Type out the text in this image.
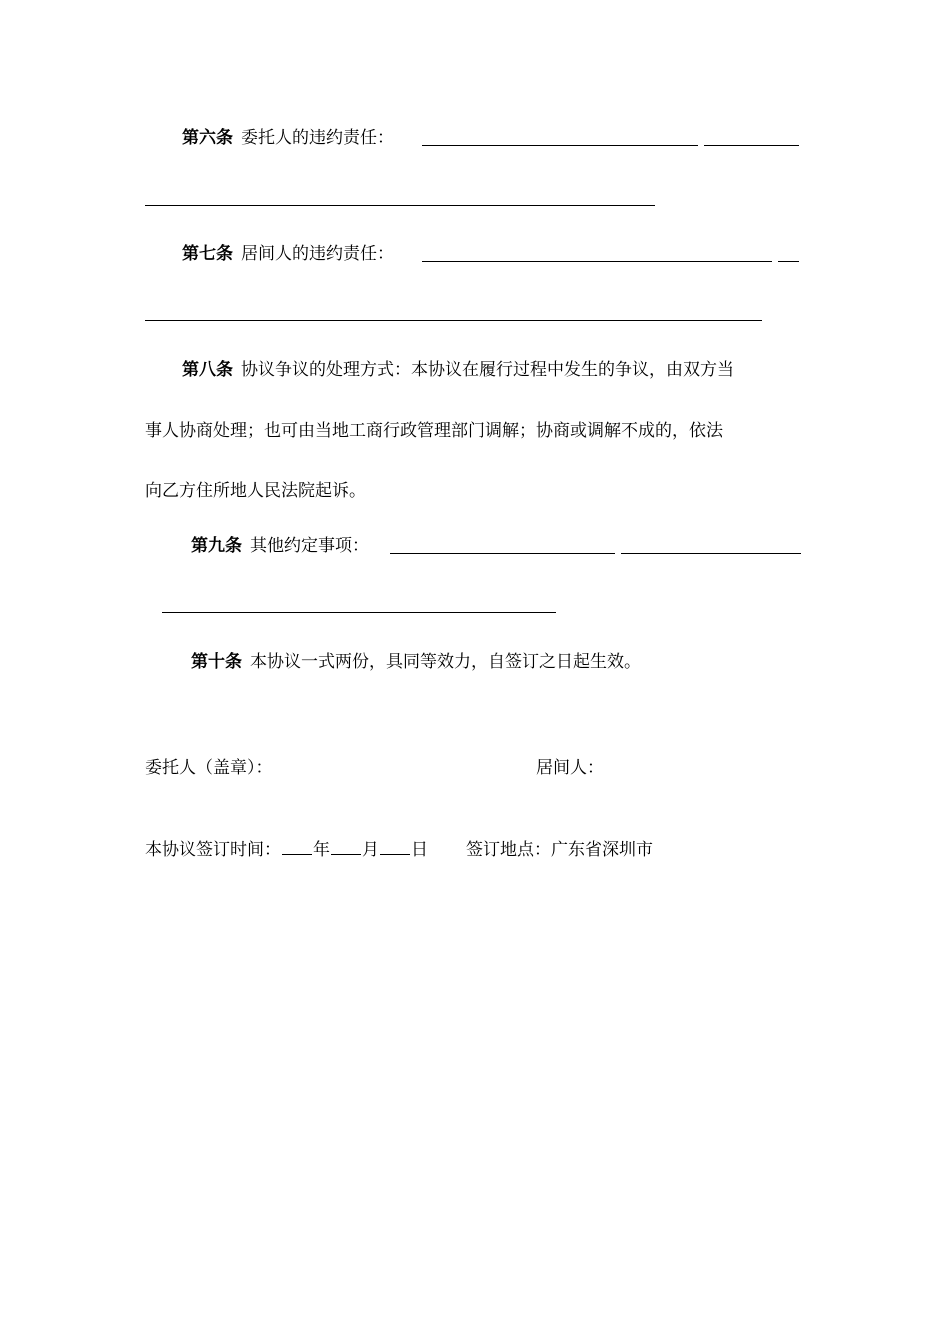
第六条 委托人的违约责任：
第七条 居间人的违约责任：
第八条 协议争议的处理方式：本协议在履行过程中发生的争议，由双方当
事人协商处理；也可由当地工商行政管理部门调解；协商或调解不成的，依法
向乙方住所地人民法院起诉。
第九条 其他约定事项：
第十条 本协议一式两份，具同等效力，自签订之日起生效。
委托人（盖章）：	居间人：
本协议签订时间： 年 月 日 签订地点：广东省深圳市
